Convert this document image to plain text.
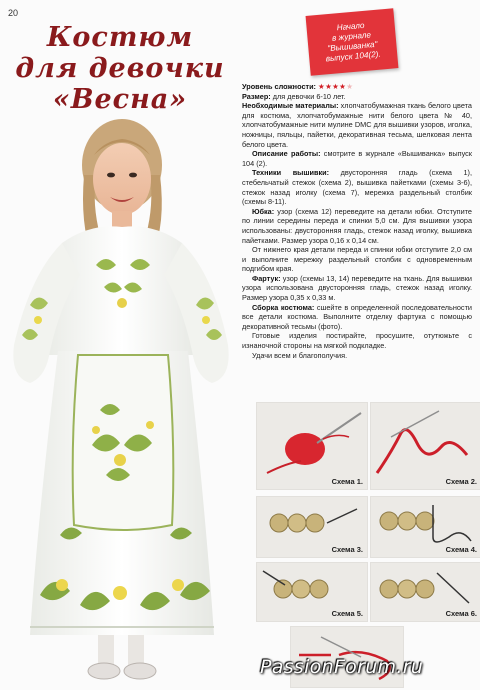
20
Костюм
для девочки
«Весна»
Начало
в журнале
"Вышиванка"
выпуск 104(2).

Уровень сложности: ★★★★★

Размер: для девочки 6-10 лет.

Необходимые материалы: хлопчатобумажная ткань белого цвета для костюма, хлопчатобумажные нити белого цвета № 40, хлопчатобумажные нити мулине DMC для вышивки узоров, иголка, ножницы, пяльцы, пайетки, декоративная тесьма, шелковая лента белого цвета.

Описание работы: смотрите в журнале «Вышиванка» выпуск 104 (2).

Техники вышивки: двусторонняя гладь (схема 1), стебельчатый стежок (схема 2), вышивка пайетками (схемы 3-6), стежок назад иголку (схема 7), мережка раздельный столбик (схемы 8-11).

Юбка: узор (схема 12) переведите на детали юбки. Отступите по линии середины переда и спинки 5,0 см. Для вышивки узора использованы: двусторонняя гладь, стежок назад иголку, вышивка пайетками. Размер узора 0,16 х 0,14 см.

От нижнего края детали переда и спинки юбки отступите 2,0 см и выполните мережку раздельный столбик с одновременным подгибом края.

Фартук: узор (схемы 13, 14) переведите на ткань. Для вышивки узора использована двусторонняя гладь, стежок назад иголку. Размер узора 0,35 х 0,33 м.

Сборка костюма: сшейте в определенной последовательности все детали костюма. Выполните отделку фартука с помощью декоративной тесьмы (фото).

Готовые изделия постирайте, просушите, отутюжьте с изнаночной стороны на мягкой подкладке.

Удачи всем и благополучия.

Схема 1.	Схема 2.
Схема 3.	Схема 4.
Схема 5.	Схема 6.
PassionForum.ru
